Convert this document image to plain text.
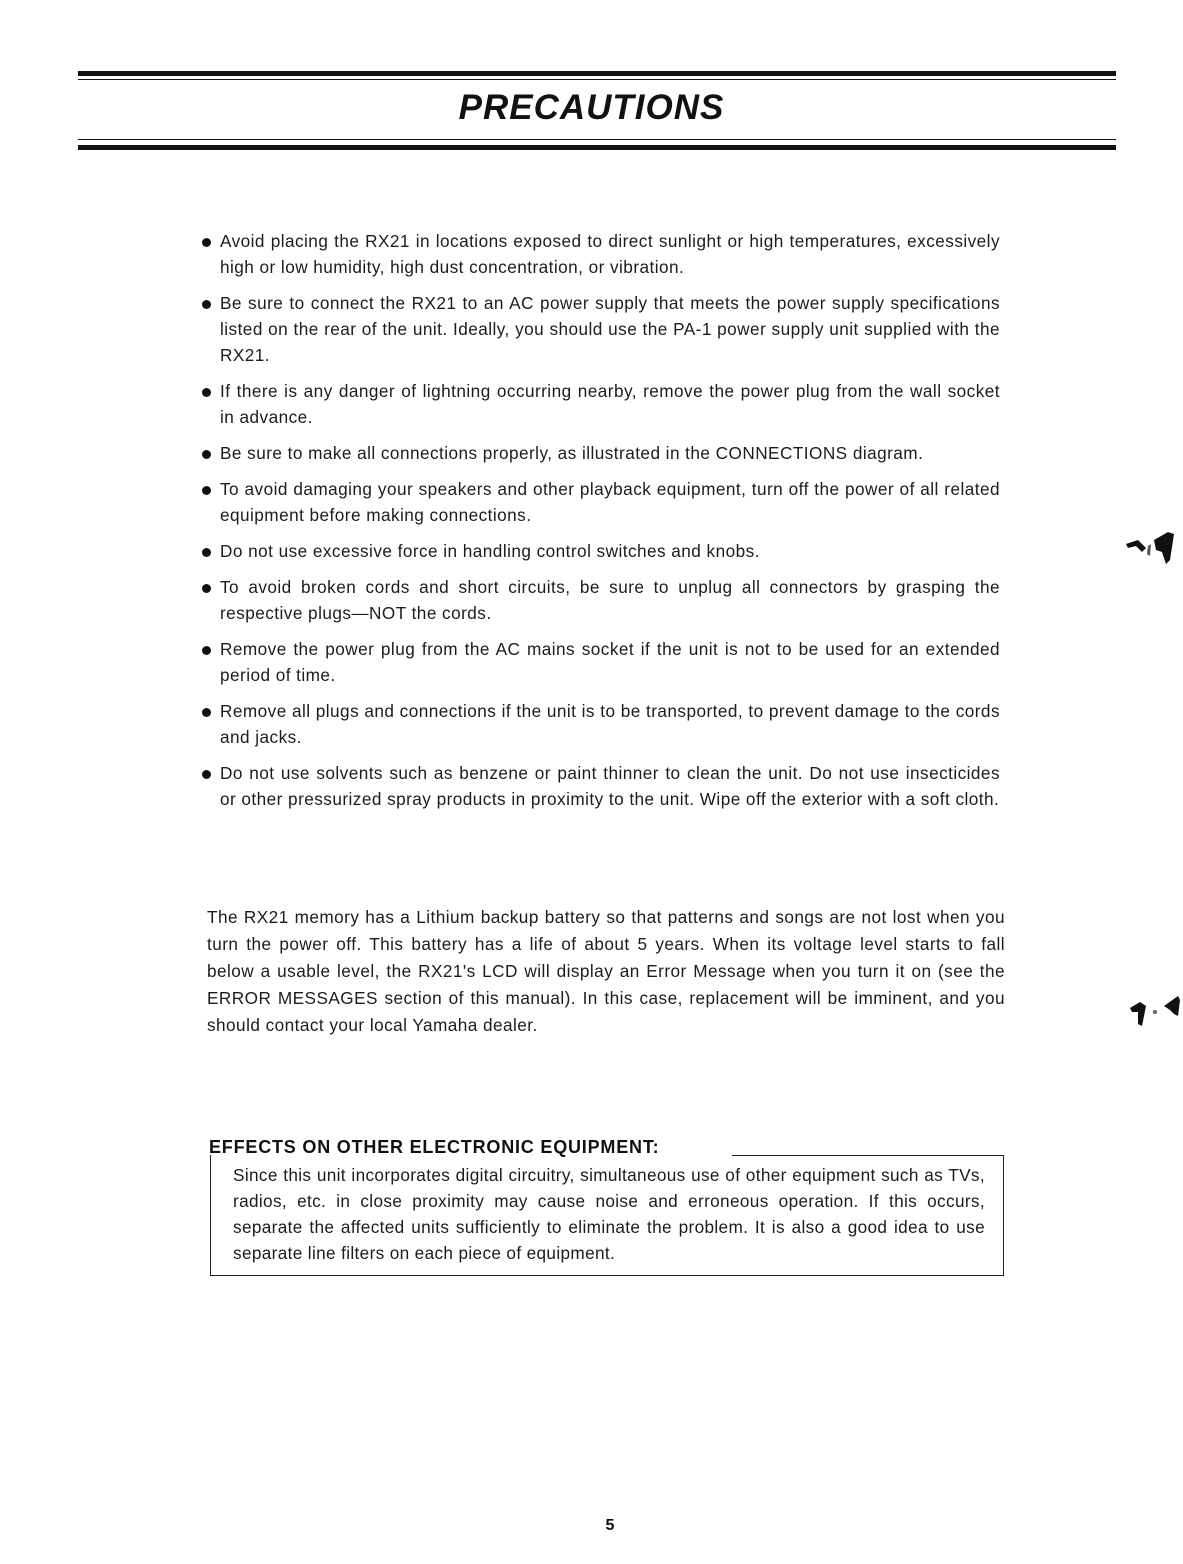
PRECAUTIONS
Avoid placing the RX21 in locations exposed to direct sunlight or high temperatures, excessively high or low humidity, high dust concentration, or vibration.
Be sure to connect the RX21 to an AC power supply that meets the power supply specifications listed on the rear of the unit. Ideally, you should use the PA-1 power supply unit supplied with the RX21.
If there is any danger of lightning occurring nearby, remove the power plug from the wall socket in advance.
Be sure to make all connections properly, as illustrated in the CONNECTIONS diagram.
To avoid damaging your speakers and other playback equipment, turn off the power of all related equipment before making connections.
Do not use excessive force in handling control switches and knobs.
To avoid broken cords and short circuits, be sure to unplug all connectors by grasping the respective plugs—NOT the cords.
Remove the power plug from the AC mains socket if the unit is not to be used for an extended period of time.
Remove all plugs and connections if the unit is to be transported, to prevent damage to the cords and jacks.
Do not use solvents such as benzene or paint thinner to clean the unit. Do not use insecticides or other pressurized spray products in proximity to the unit. Wipe off the exterior with a soft cloth.

The RX21 memory has a Lithium backup battery so that patterns and songs are not lost when you turn the power off. This battery has a life of about 5 years. When its voltage level starts to fall below a usable level, the RX21's LCD will display an Error Message when you turn it on (see the ERROR MESSAGES section of this manual). In this case, replacement will be imminent, and you should contact your local Yamaha dealer.

EFFECTS ON OTHER ELECTRONIC EQUIPMENT:

Since this unit incorporates digital circuitry, simultaneous use of other equipment such as TVs, radios, etc. in close proximity may cause noise and erroneous operation. If this occurs, separate the affected units sufficiently to eliminate the problem. It is also a good idea to use separate line filters on each piece of equipment.

5
